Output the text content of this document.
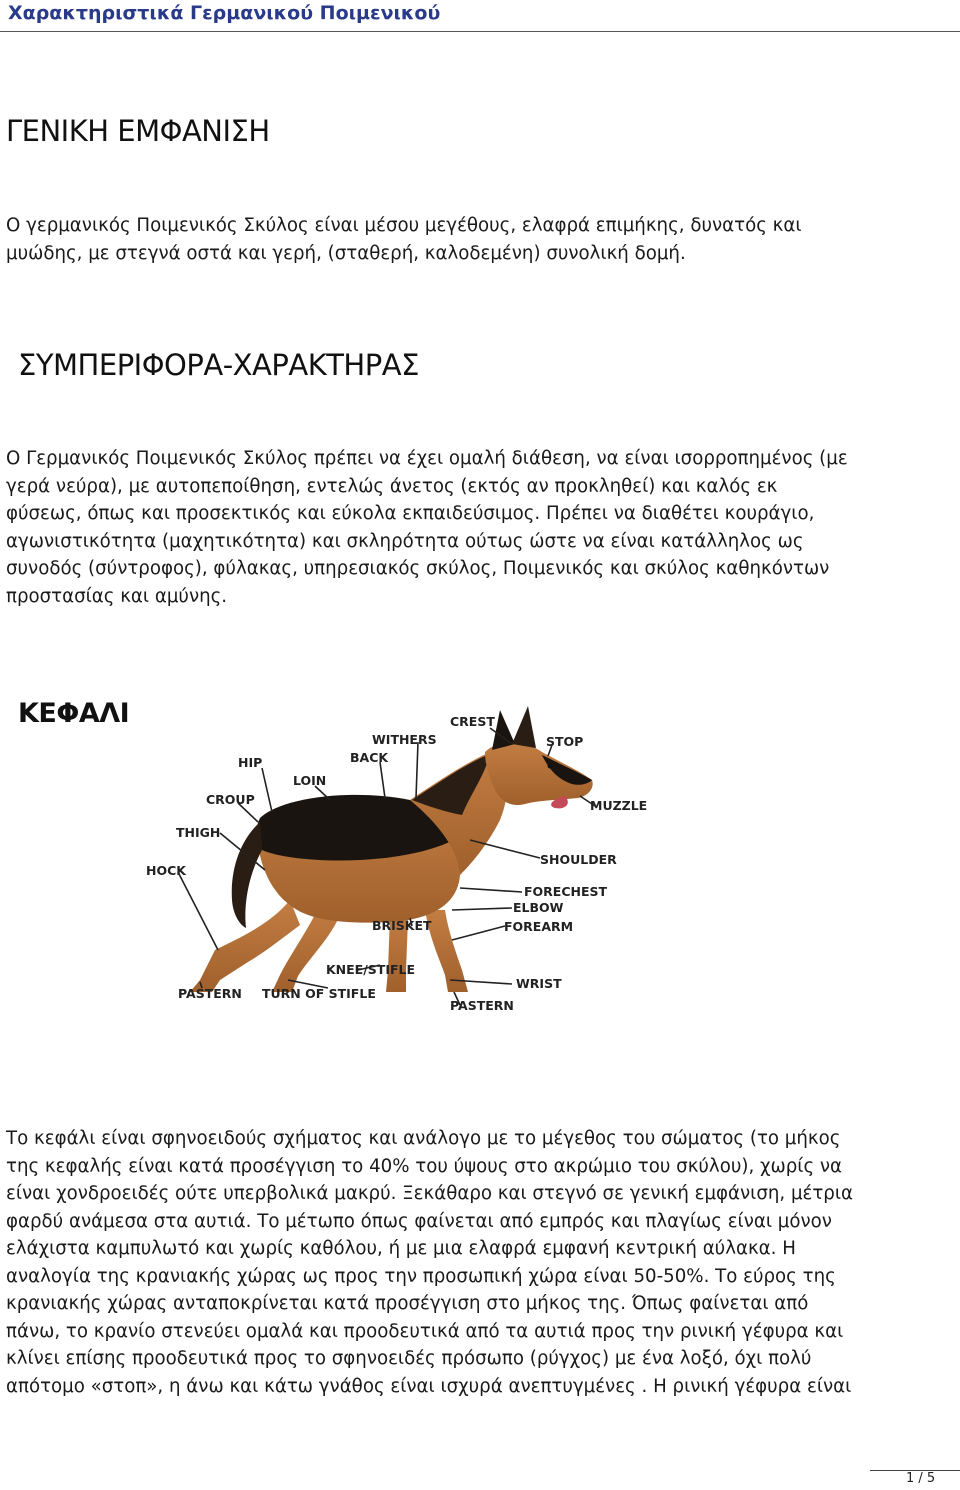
Χαρακτηριστικά Γερμανικού Ποιμενικού
ΓΕΝΙΚΗ ΕΜΦΑΝΙΣΗ

Ο γερμανικός Ποιμενικός Σκύλος είναι μέσου μεγέθους, ελαφρά επιμήκης, δυνατός και
μυώδης, με στεγνά οστά και γερή, (σταθερή, καλοδεμένη) συνολική δομή.

ΣΥΜΠΕΡΙΦΟΡΑ-ΧΑΡΑΚΤΗΡΑΣ

Ο Γερμανικός Ποιμενικός Σκύλος πρέπει να έχει ομαλή διάθεση, να είναι ισορροπημένος (με
γερά νεύρα), με αυτοπεποίθηση, εντελώς άνετος (εκτός αν προκληθεί) και καλός εκ
φύσεως, όπως και προσεκτικός και εύκολα εκπαιδεύσιμος. Πρέπει να διαθέτει κουράγιο,
αγωνιστικότητα (μαχητικότητα) και σκληρότητα ούτως ώστε να είναι κατάλληλος ως
συνοδός (σύντροφος), φύλακας, υπηρεσιακός σκύλος, Ποιμενικός και σκύλος καθηκόντων
προστασίας και αμύνης.

ΚΕΦΑΛΙ	CREST
WITHERS
BACK
STOP
HIP
LOIN
MUZZLE
CROUP
THIGH
SHOULDER
HOCK
FORECHEST
ELBOW
BRISKET	FOREARM
KNEE/STIFLE
WRIST
PASTERN TURN OF STIFLE
PASTERN

Το κεφάλι είναι σφηνοειδούς σχήματος και ανάλογο με το μέγεθος του σώματος (το μήκος
της κεφαλής είναι κατά προσέγγιση το 40% του ύψους στο ακρώμιο του σκύλου), χωρίς να
είναι χονδροειδές ούτε υπερβολικά μακρύ. Ξεκάθαρο και στεγνό σε γενική εμφάνιση, μέτρια
φαρδύ ανάμεσα στα αυτιά. Το μέτωπο όπως φαίνεται από εμπρός και πλαγίως είναι μόνον
ελάχιστα καμπυλωτό και χωρίς καθόλου, ή με μια ελαφρά εμφανή κεντρική αύλακα. Η
αναλογία της κρανιακής χώρας ως προς την προσωπική χώρα είναι 50-50%. Το εύρος της
κρανιακής χώρας ανταποκρίνεται κατά προσέγγιση στο μήκος της. Όπως φαίνεται από
πάνω, το κρανίο στενεύει ομαλά και προοδευτικά από τα αυτιά προς την ρινική γέφυρα και
κλίνει επίσης προοδευτικά προς το σφηνοειδές πρόσωπο (ρύγχος) με ένα λοξό, όχι πολύ
απότομο «στοπ», η άνω και κάτω γνάθος είναι ισχυρά ανεπτυγμένες . Η ρινική γέφυρα είναι

1 / 5
